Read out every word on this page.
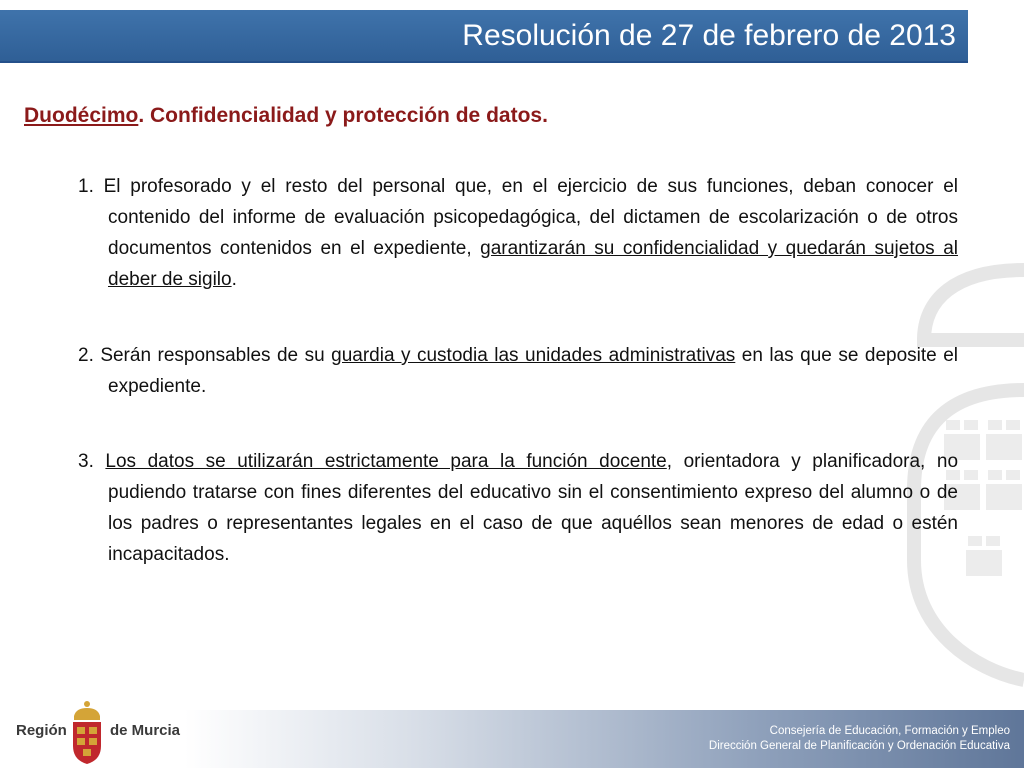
Resolución de 27 de febrero de 2013
Duodécimo. Confidencialidad y protección de datos.
1. El profesorado y el resto del personal que, en el ejercicio de sus funciones, deban conocer el contenido del informe de evaluación psicopedagógica, del dictamen de escolarización o de otros documentos contenidos en el expediente, garantizarán su confidencialidad y quedarán sujetos al deber de sigilo.
2. Serán responsables de su guardia y custodia las unidades administrativas en las que se deposite el expediente.
3. Los datos se utilizarán estrictamente para la función docente, orientadora y planificadora, no pudiendo tratarse con fines diferentes del educativo sin el consentimiento expreso del alumno o de los padres o representantes legales en el caso de que aquéllos sean menores de edad o estén incapacitados.
Región	de Murcia	Consejería de Educación, Formación y Empleo
Dirección General de Planificación y Ordenación Educativa
